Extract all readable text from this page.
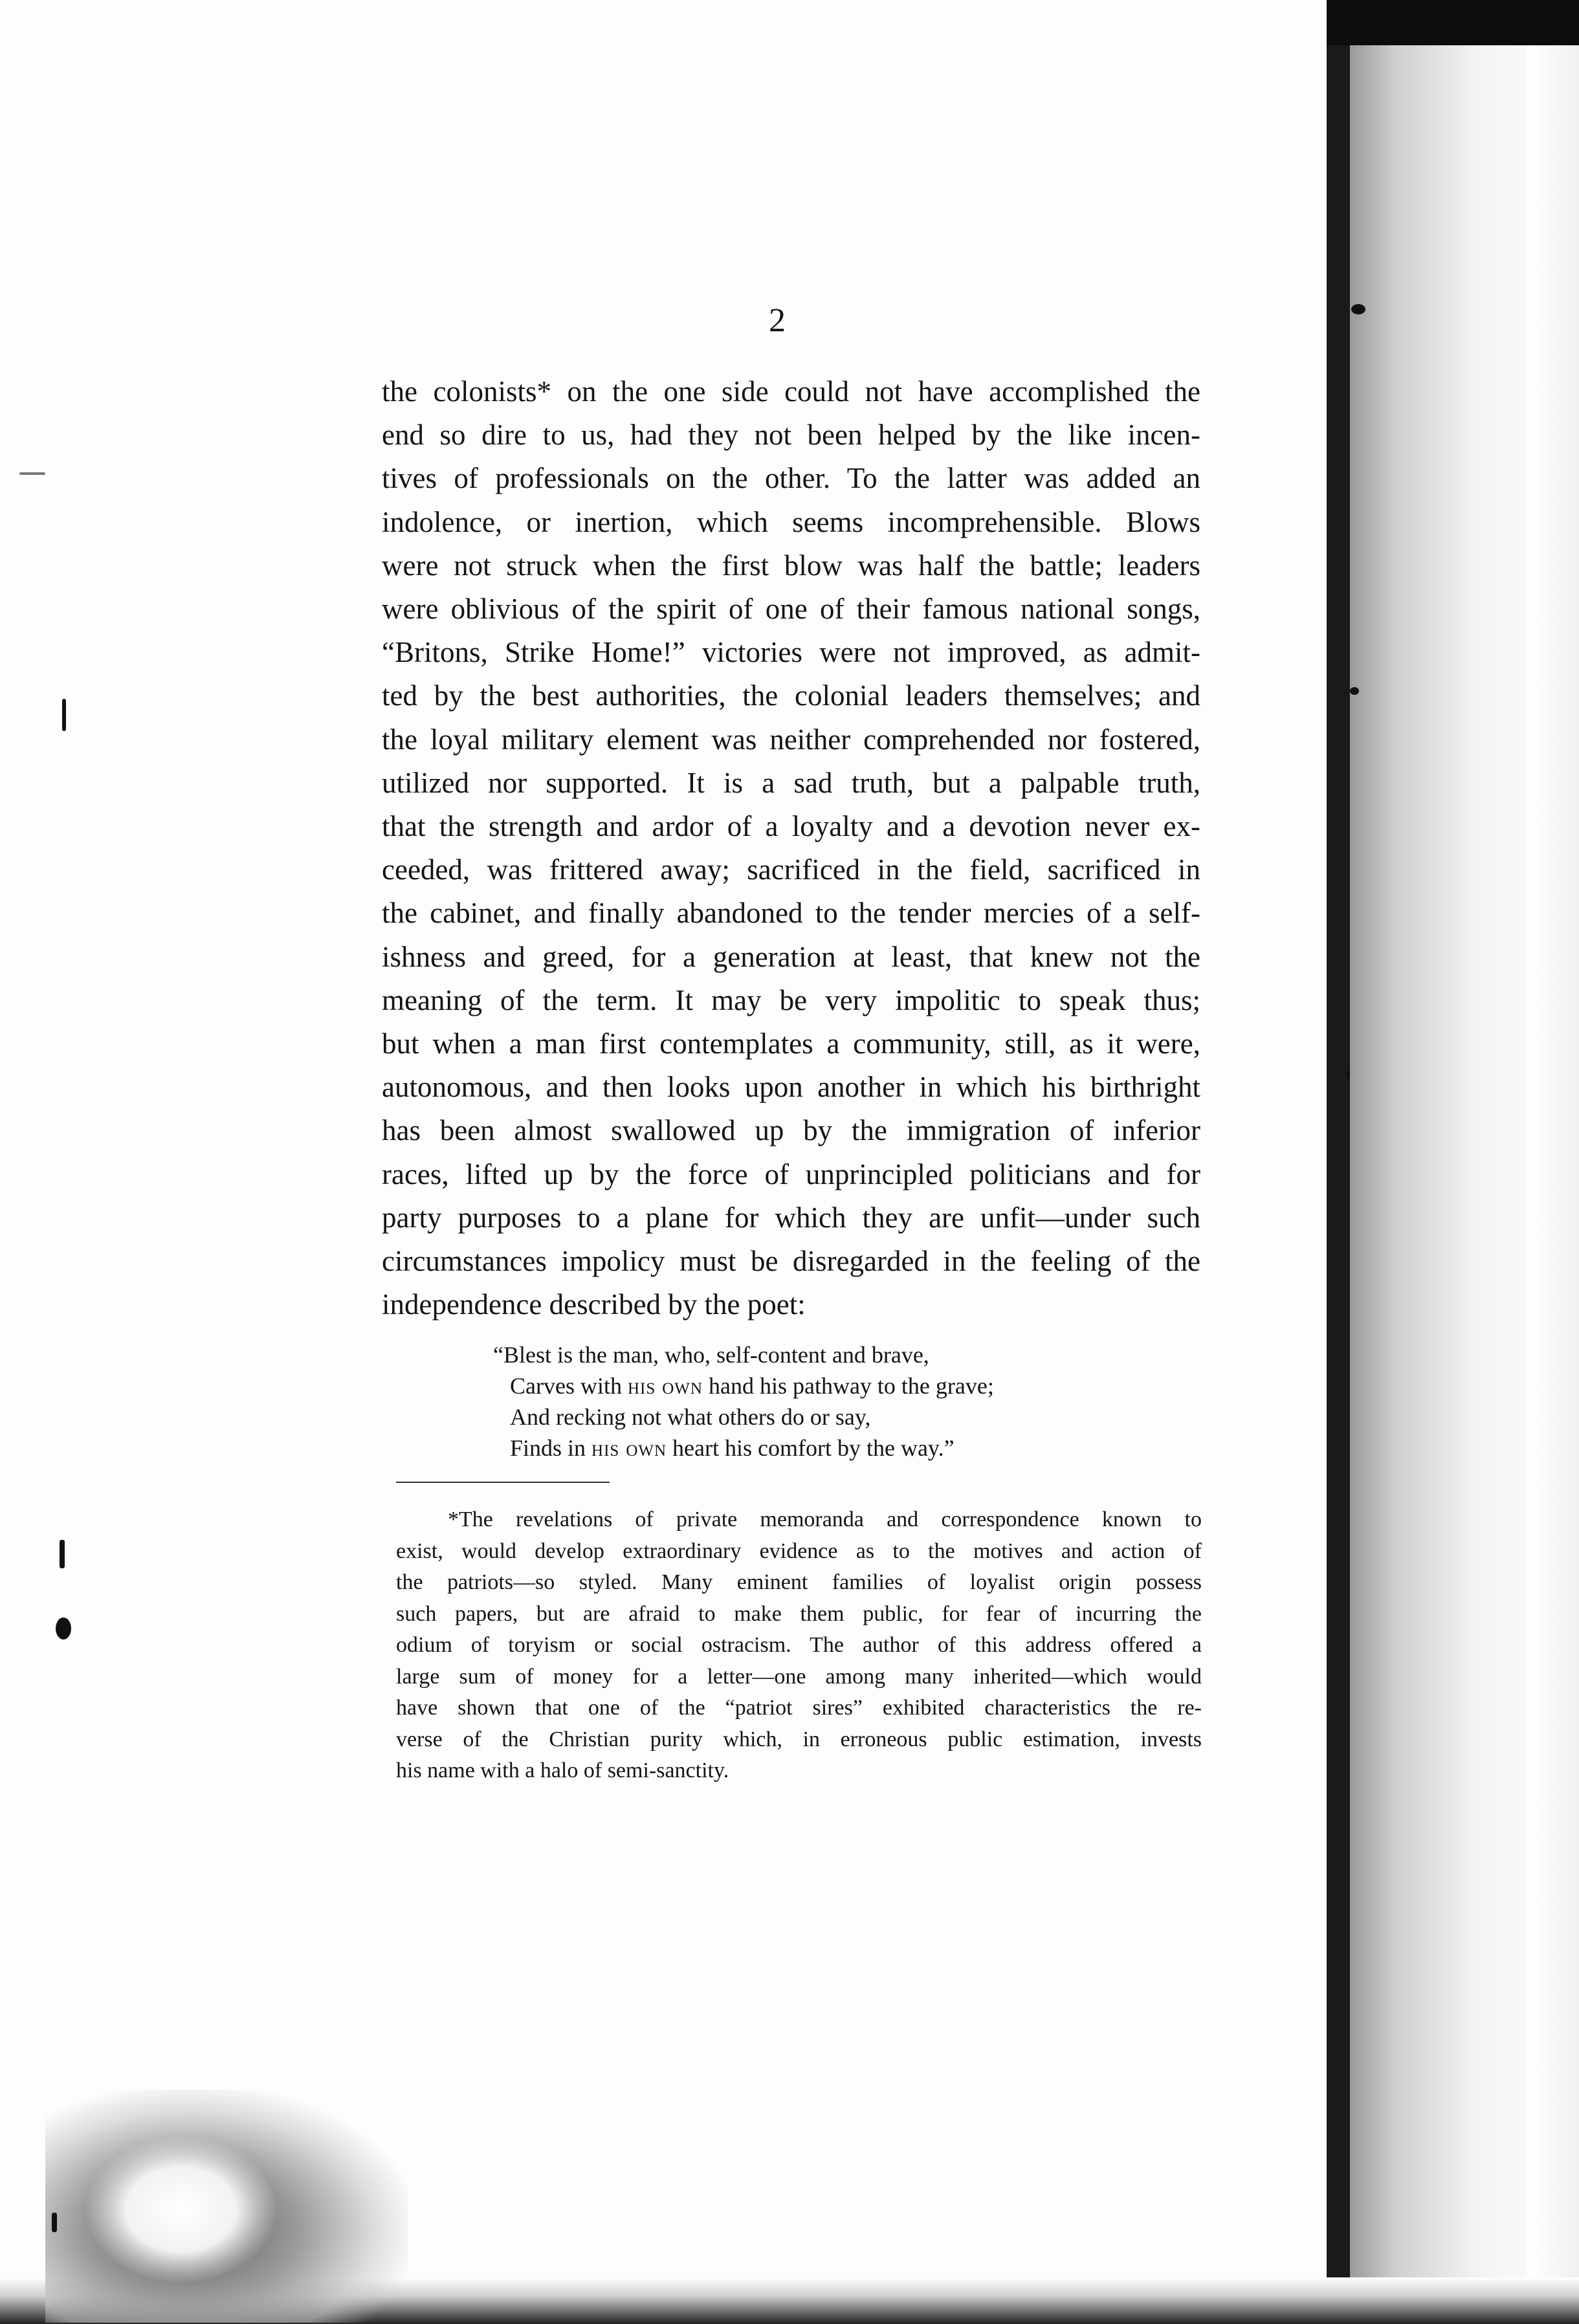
2
the colonists* on the one side could not have accomplished the
end so dire to us, had they not been helped by the like incen-
tives of professionals on the other. To the latter was added an
indolence, or inertion, which seems incomprehensible. Blows
were not struck when the first blow was half the battle; leaders
were oblivious of the spirit of one of their famous national songs,
“Britons, Strike Home!” victories were not improved, as admit-
ted by the best authorities, the colonial leaders themselves; and
the loyal military element was neither comprehended nor fostered,
utilized nor supported. It is a sad truth, but a palpable truth,
that the strength and ardor of a loyalty and a devotion never ex-
ceeded, was frittered away; sacrificed in the field, sacrificed in
the cabinet, and finally abandoned to the tender mercies of a self-
ishness and greed, for a generation at least, that knew not the
meaning of the term. It may be very impolitic to speak thus;
but when a man first contemplates a community, still, as it were,
autonomous, and then looks upon another in which his birthright
has been almost swallowed up by the immigration of inferior
races, lifted up by the force of unprincipled politicians and for
party purposes to a plane for which they are unfit—under such
circumstances impolicy must be disregarded in the feeling of the
independence described by the poet:
“Blest is the man, who, self-content and brave,
Carves with his own hand his pathway to the grave;
And recking not what others do or say,
Finds in his own heart his comfort by the way.”
*The revelations of private memoranda and correspondence known to
exist, would develop extraordinary evidence as to the motives and action of
the patriots—so styled. Many eminent families of loyalist origin possess
such papers, but are afraid to make them public, for fear of incurring the
odium of toryism or social ostracism. The author of this address offered a
large sum of money for a letter—one among many inherited—which would
have shown that one of the “patriot sires” exhibited characteristics the re-
verse of the Christian purity which, in erroneous public estimation, invests
his name with a halo of semi-sanctity.
